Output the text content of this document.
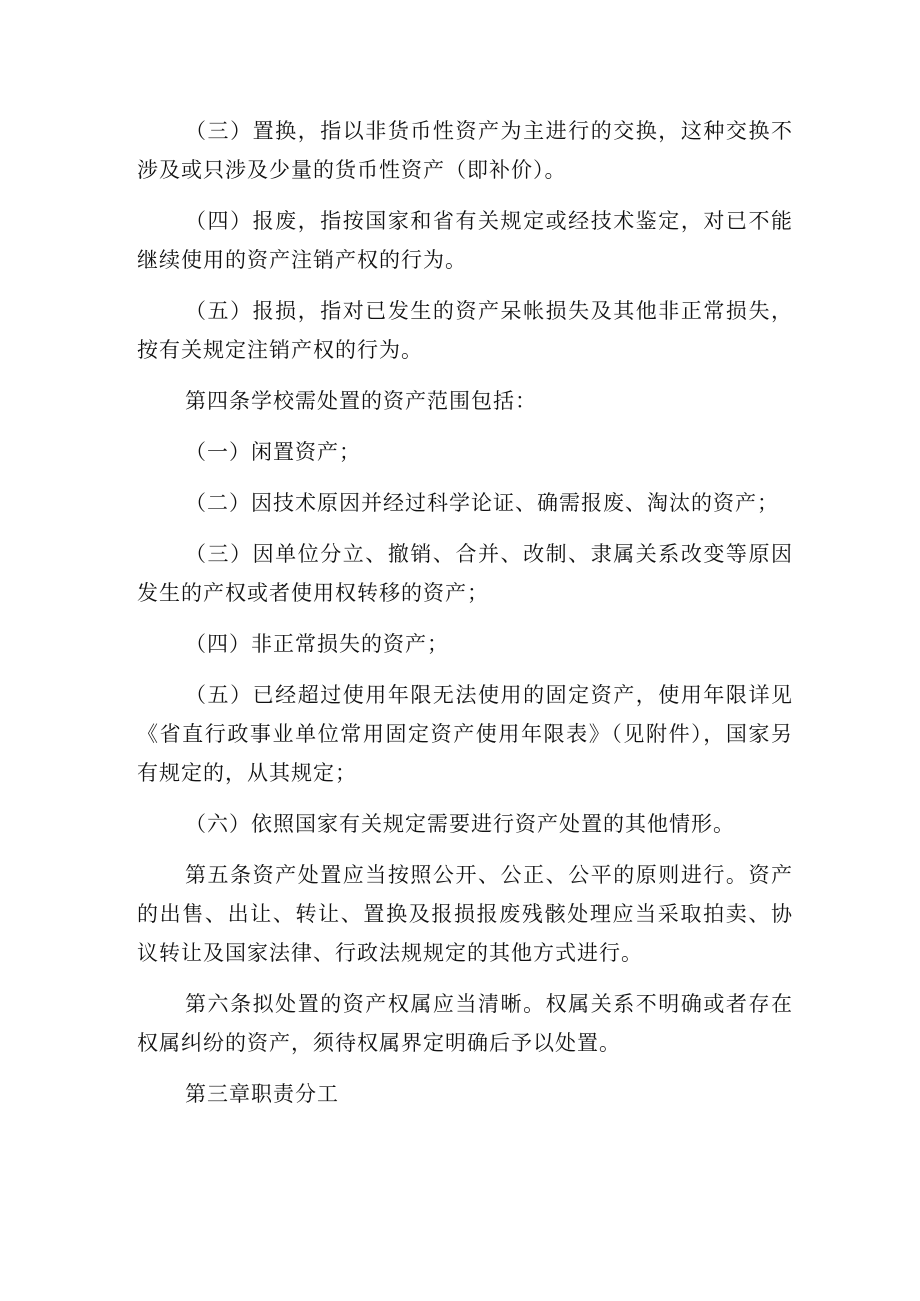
（三）置换，指以非货币性资产为主进行的交换，这种交换不涉及或只涉及少量的货币性资产（即补价）。

（四）报废，指按国家和省有关规定或经技术鉴定，对已不能继续使用的资产注销产权的行为。

（五）报损，指对已发生的资产呆帐损失及其他非正常损失，按有关规定注销产权的行为。

第四条学校需处置的资产范围包括：

（一）闲置资产；

（二）因技术原因并经过科学论证、确需报废、淘汰的资产；

（三）因单位分立、撤销、合并、改制、隶属关系改变等原因发生的产权或者使用权转移的资产；

（四）非正常损失的资产；

（五）已经超过使用年限无法使用的固定资产，使用年限详见《省直行政事业单位常用固定资产使用年限表》（见附件），国家另有规定的，从其规定；

（六）依照国家有关规定需要进行资产处置的其他情形。

第五条资产处置应当按照公开、公正、公平的原则进行。资产的出售、出让、转让、置换及报损报废残骸处理应当采取拍卖、协议转让及国家法律、行政法规规定的其他方式进行。

第六条拟处置的资产权属应当清晰。权属关系不明确或者存在权属纠纷的资产，须待权属界定明确后予以处置。

第三章职责分工
